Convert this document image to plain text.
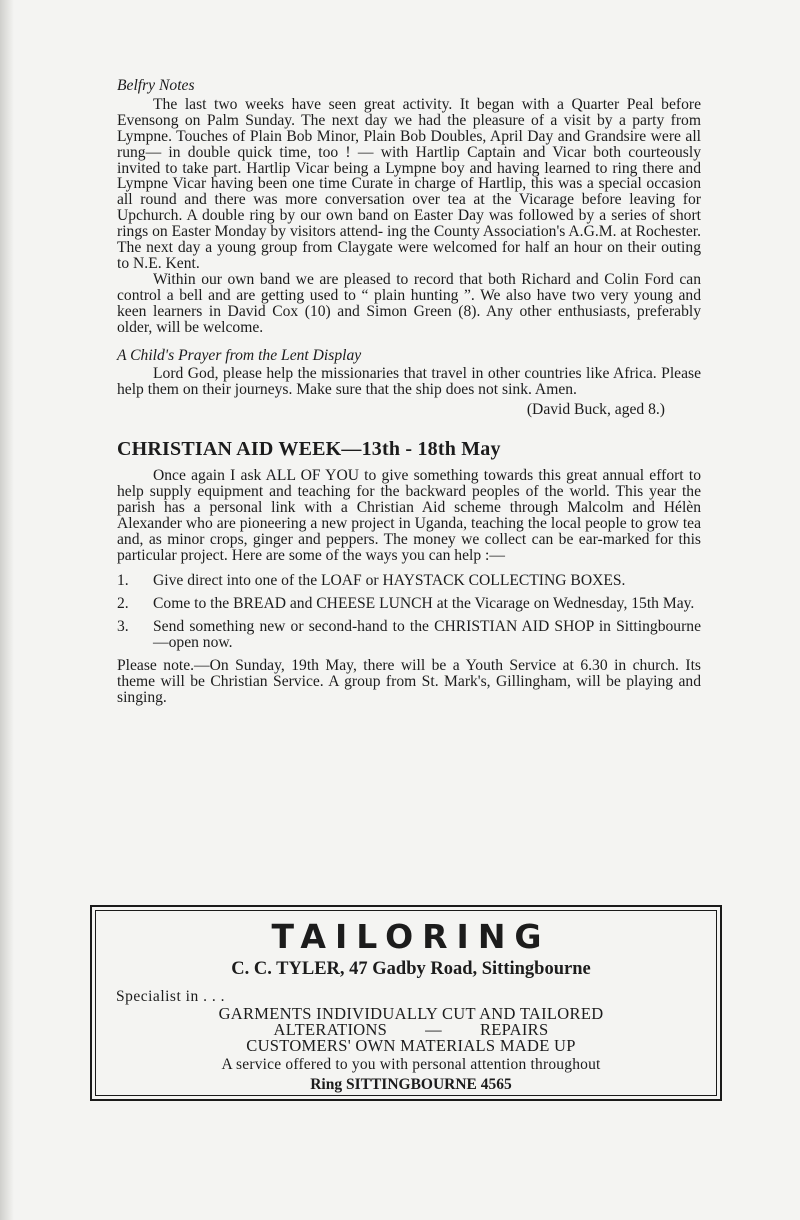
Belfry Notes

The last two weeks have seen great activity. It began with a Quarter Peal before Evensong on Palm Sunday. The next day we had the pleasure of a visit by a party from Lympne. Touches of Plain Bob Minor, Plain Bob Doubles, April Day and Grandsire were all rung— in double quick time, too ! — with Hartlip Captain and Vicar both courteously invited to take part. Hartlip Vicar being a Lympne boy and having learned to ring there and Lympne Vicar having been one time Curate in charge of Hartlip, this was a special occasion all round and there was more conversation over tea at the Vicarage before leaving for Upchurch. A double ring by our own band on Easter Day was followed by a series of short rings on Easter Monday by visitors attend- ing the County Association's A.G.M. at Rochester. The next day a young group from Claygate were welcomed for half an hour on their outing to N.E. Kent.

Within our own band we are pleased to record that both Richard and Colin Ford can control a bell and are getting used to “ plain hunting ”. We also have two very young and keen learners in David Cox (10) and Simon Green (8). Any other enthusiasts, preferably older, will be welcome.

A Child's Prayer from the Lent Display

Lord God, please help the missionaries that travel in other countries like Africa. Please help them on their journeys. Make sure that the ship does not sink. Amen.

(David Buck, aged 8.)
CHRISTIAN AID WEEK—13th - 18th May

Once again I ask ALL OF YOU to give something towards this great annual effort to help supply equipment and teaching for the backward peoples of the world. This year the parish has a personal link with a Christian Aid scheme through Malcolm and Hélèn Alexander who are pioneering a new project in Uganda, teaching the local people to grow tea and, as minor crops, ginger and peppers. The money we collect can be ear-marked for this particular project. Here are some of the ways you can help :—

1.	Give direct into one of the LOAF or HAYSTACK COLLECTING BOXES.
2.	Come to the BREAD and CHEESE LUNCH at the Vicarage on Wednesday, 15th May.
3.	Send something new or second-hand to the CHRISTIAN AID SHOP in Sittingbourne—open now.

Please note.—On Sunday, 19th May, there will be a Youth Service at 6.30 in church. Its theme will be Christian Service. A group from St. Mark's, Gillingham, will be playing and singing.

TAILORING
C. C. TYLER, 47 Gadby Road, Sittingbourne
Specialist in . . .
GARMENTS INDIVIDUALLY CUT AND TAILORED
ALTERATIONS — REPAIRS
CUSTOMERS' OWN MATERIALS MADE UP
A service offered to you with personal attention throughout
Ring SITTINGBOURNE 4565
